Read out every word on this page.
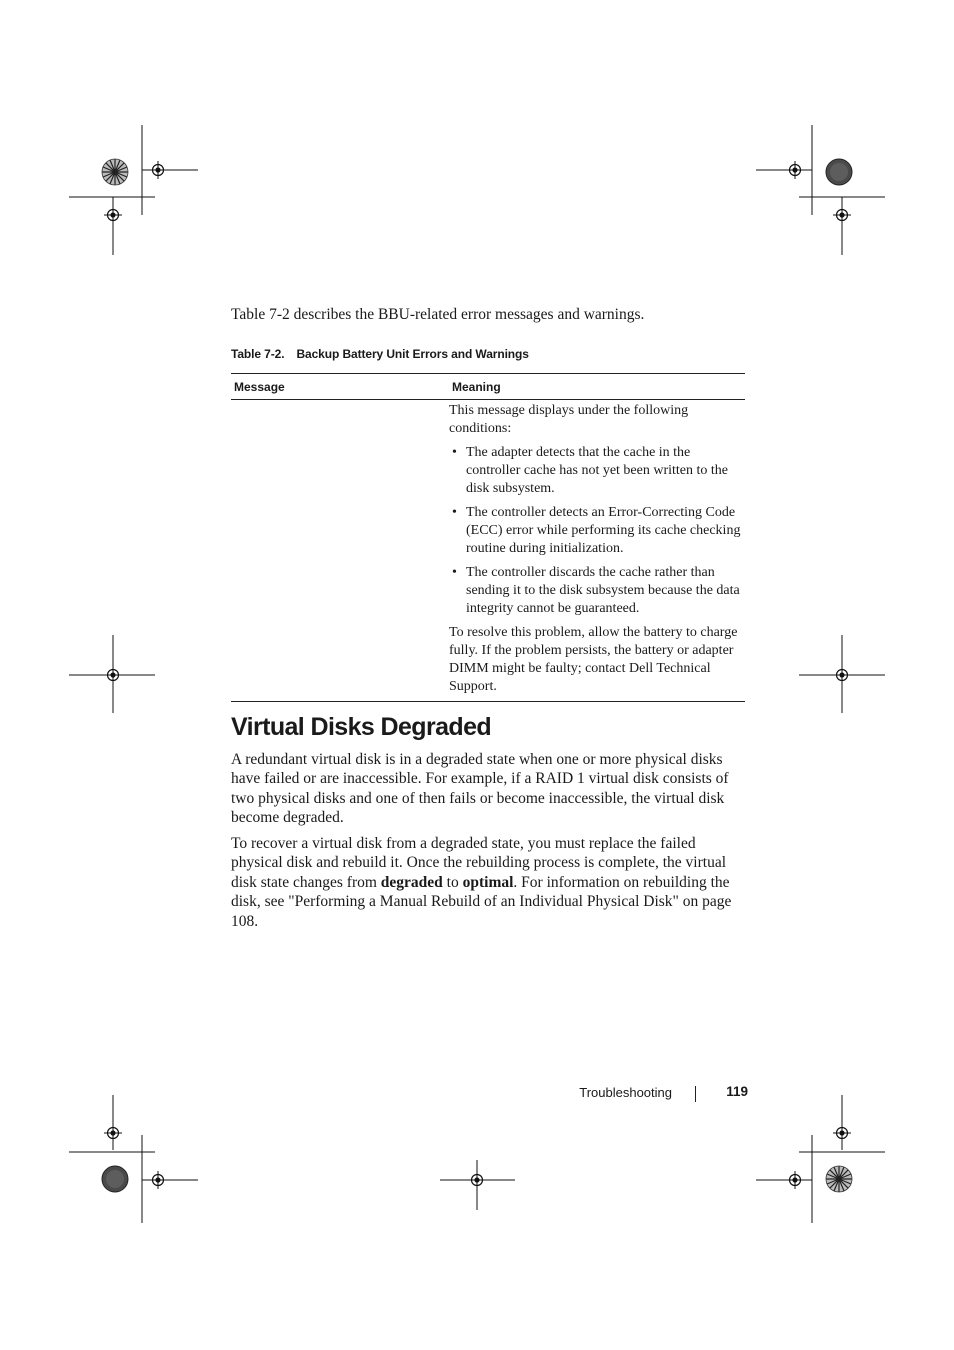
Table 7-2 describes the BBU-related error messages and warnings.

Table 7-2. Backup Battery Unit Errors and Warnings
Message	Meaning

This message displays under the following conditions:

• The adapter detects that the cache in the controller cache has not yet been written to the disk subsystem.
• The controller detects an Error-Correcting Code (ECC) error while performing its cache checking routine during initialization.
• The controller discards the cache rather than sending it to the disk subsystem because the data integrity cannot be guaranteed.

To resolve this problem, allow the battery to charge fully. If the problem persists, the battery or adapter DIMM might be faulty; contact Dell Technical Support.

Virtual Disks Degraded

A redundant virtual disk is in a degraded state when one or more physical disks have failed or are inaccessible. For example, if a RAID 1 virtual disk consists of two physical disks and one of then fails or become inaccessible, the virtual disk become degraded.

To recover a virtual disk from a degraded state, you must replace the failed physical disk and rebuild it. Once the rebuilding process is complete, the virtual disk state changes from degraded to optimal. For information on rebuilding the disk, see "Performing a Manual Rebuild of an Individual Physical Disk" on page 108.

Troubleshooting	119
